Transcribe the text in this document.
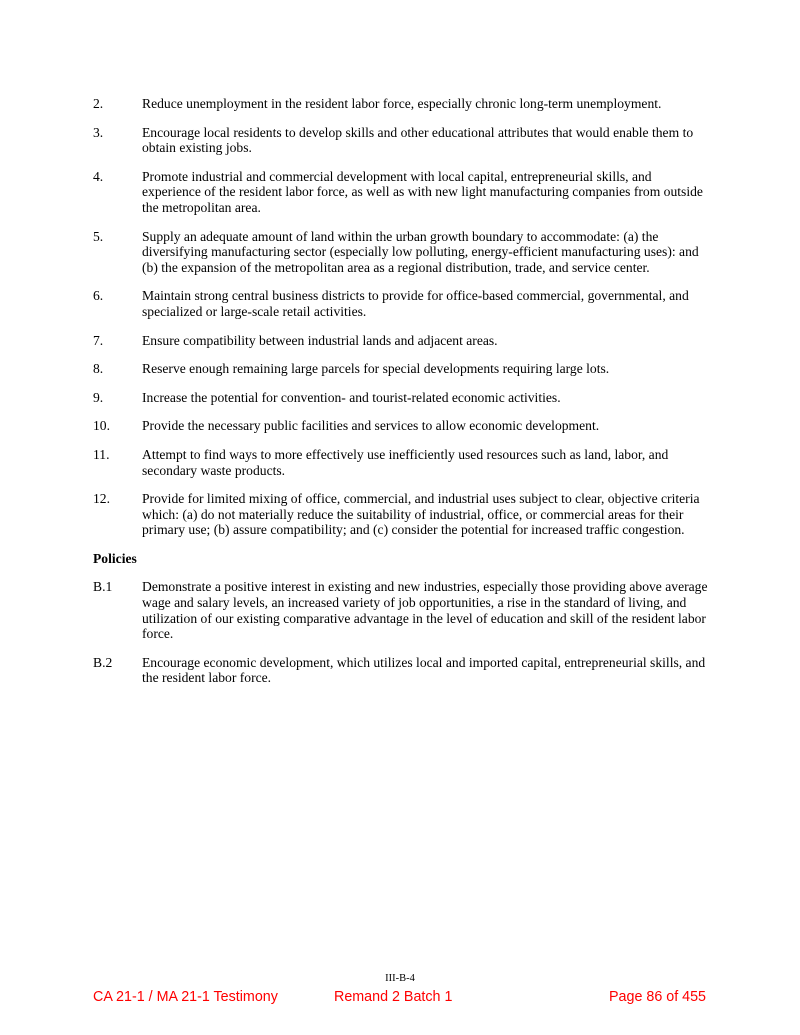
2.	Reduce unemployment in the resident labor force, especially chronic long-term unemployment.
3.	Encourage local residents to develop skills and other educational attributes that would enable them to obtain existing jobs.
4.	Promote industrial and commercial development with local capital, entrepreneurial skills, and experience of the resident labor force, as well as with new light manufacturing companies from outside the metropolitan area.
5.	Supply an adequate amount of land within the urban growth boundary to accommodate: (a) the diversifying manufacturing sector (especially low polluting, energy-efficient manufacturing uses): and (b) the expansion of the metropolitan area as a regional distribution, trade, and service center.
6.	Maintain strong central business districts to provide for office-based commercial, governmental, and specialized or large-scale retail activities.
7.	Ensure compatibility between industrial lands and adjacent areas.
8.	Reserve enough remaining large parcels for special developments requiring large lots.
9.	Increase the potential for convention- and tourist-related economic activities.
10.	Provide the necessary public facilities and services to allow economic development.
11.	Attempt to find ways to more effectively use inefficiently used resources such as land, labor, and secondary waste products.
12.	Provide for limited mixing of office, commercial, and industrial uses subject to clear, objective criteria which: (a) do not materially reduce the suitability of industrial, office, or commercial areas for their primary use; (b) assure compatibility; and (c) consider the potential for increased traffic congestion.
Policies
B.1	Demonstrate a positive interest in existing and new industries, especially those providing above average wage and salary levels, an increased variety of job opportunities, a rise in the standard of living, and utilization of our existing comparative advantage in the level of education and skill of the resident labor force.
B.2	Encourage economic development, which utilizes local and imported capital, entrepreneurial skills, and the resident labor force.
III-B-4
CA 21-1 / MA 21-1 Testimony	Remand 2 Batch 1	Page 86 of 455
